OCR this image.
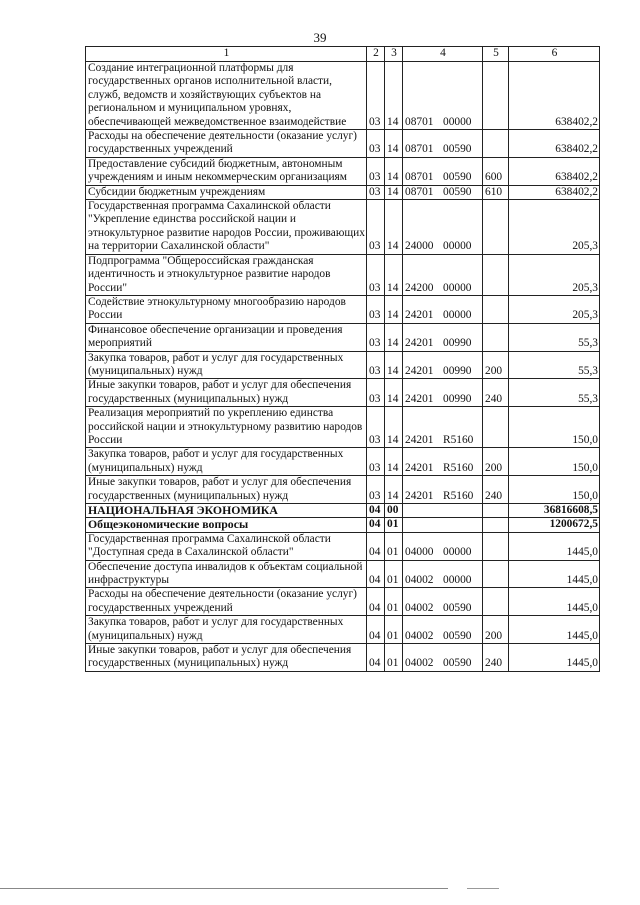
39
1	2	3	4	5	6
Создание интеграционной платформы для государственных органов исполнительной власти, служб, ведомств и хозяйствующих субъектов на региональном и муниципальном уровнях, обеспечивающей межведомственное взаимодействие	03	14	08701 00000		638402,2
Расходы на обеспечение деятельности (оказание услуг) государственных учреждений	03	14	08701 00590		638402,2
Предоставление субсидий бюджетным, автономным учреждениям и иным некоммерческим организациям	03	14	08701 00590	600	638402,2
Субсидии бюджетным учреждениям	03	14	08701 00590	610	638402,2
Государственная программа Сахалинской области "Укрепление единства российской нации и этнокультурное развитие народов России, проживающих на территории Сахалинской области"	03	14	24000 00000		205,3
Подпрограмма "Общероссийская гражданская идентичность и этнокультурное развитие народов России"	03	14	24200 00000		205,3
Содействие этнокультурному многообразию народов России	03	14	24201 00000		205,3
Финансовое обеспечение организации и проведения мероприятий	03	14	24201 00990		55,3
Закупка товаров, работ и услуг для государственных (муниципальных) нужд	03	14	24201 00990	200	55,3
Иные закупки товаров, работ и услуг для обеспечения государственных (муниципальных) нужд	03	14	24201 00990	240	55,3
Реализация мероприятий по укреплению единства российской нации и этнокультурному развитию народов России	03	14	24201 R5160		150,0
Закупка товаров, работ и услуг для государственных (муниципальных) нужд	03	14	24201 R5160	200	150,0
Иные закупки товаров, работ и услуг для обеспечения государственных (муниципальных) нужд	03	14	24201 R5160	240	150,0
НАЦИОНАЛЬНАЯ ЭКОНОМИКА	04	00			36816608,5
Общеэкономические вопросы	04	01			1200672,5
Государственная программа Сахалинской области "Доступная среда в Сахалинской области"	04	01	04000 00000		1445,0
Обеспечение доступа инвалидов к объектам социальной инфраструктуры	04	01	04002 00000		1445,0
Расходы на обеспечение деятельности (оказание услуг) государственных учреждений	04	01	04002 00590		1445,0
Закупка товаров, работ и услуг для государственных (муниципальных) нужд	04	01	04002 00590	200	1445,0
Иные закупки товаров, работ и услуг для обеспечения государственных (муниципальных) нужд	04	01	04002 00590	240	1445,0
